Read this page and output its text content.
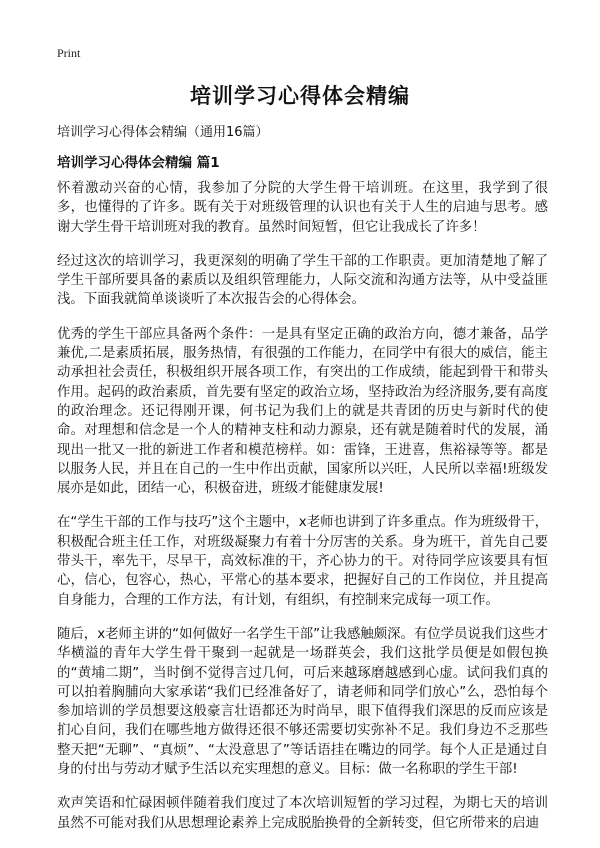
Print
培训学习心得体会精编
培训学习心得体会精编（通用16篇）
培训学习心得体会精编 篇1

怀着激动兴奋的心情，我参加了分院的大学生骨干培训班。在这里，我学到了很多，也懂得的了许多。既有关于对班级管理的认识也有关于人生的启迪与思考。感谢大学生骨干培训班对我的教育。虽然时间短暂，但它让我成长了许多！

经过这次的培训学习，我更深刻的明确了学生干部的工作职责。更加清楚地了解了学生干部所要具备的素质以及组织管理能力，人际交流和沟通方法等，从中受益匪浅。下面我就简单谈谈听了本次报告会的心得体会。

优秀的学生干部应具备两个条件：一是具有坚定正确的政治方向，德才兼备，品学兼优,二是素质拓展，服务热情，有很强的工作能力，在同学中有很大的威信，能主动承担社会责任，积极组织开展各项工作，有突出的工作成绩，能起到骨干和带头作用。起码的政治素质，首先要有坚定的政治立场，坚持政治为经济服务,要有高度的政治理念。还记得刚开课，何书记为我们上的就是共青团的历史与新时代的使命。对理想和信念是一个人的精神支柱和动力源泉，还有就是随着时代的发展，涌现出一批又一批的新进工作者和模范榜样。如：雷锋，王进喜，焦裕禄等等。都是以服务人民，并且在自己的一生中作出贡献，国家所以兴旺，人民所以幸福!班级发展亦是如此，团结一心，积极奋进，班级才能健康发展!

在“学生干部的工作与技巧”这个主题中，x老师也讲到了许多重点。作为班级骨干，积极配合班主任工作，对班级凝聚力有着十分厉害的关系。身为班干，首先自己要带头干，率先干，尽早干，高效标准的干，齐心协力的干。对待同学应该要具有恒心，信心，包容心，热心，平常心的基本要求，把握好自己的工作岗位，并且提高自身能力，合理的工作方法，有计划，有组织，有控制来完成每一项工作。

随后，x老师主讲的“如何做好一名学生干部”让我感触颇深。有位学员说我们这些才华横溢的青年大学生骨干聚到一起就是一场群英会，我们这批学员便是如假包换的“黄埔二期”，当时倒不觉得言过几何，可后来越琢磨越感到心虚。试问我们真的可以拍着胸脯向大家承诺“我们已经准备好了，请老师和同学们放心”么，恐怕每个参加培训的学员想要这般豪言壮语都还为时尚早，眼下值得我们深思的反而应该是扪心自问，我们在哪些地方做得还很不够还需要切实弥补不足。我们身边不乏那些整天把“无聊”、“真烦”、“太没意思了”等话语挂在嘴边的同学。每个人正是通过自身的付出与劳动才赋予生活以充实理想的意义。目标：做一名称职的学生干部!

欢声笑语和忙碌困顿伴随着我们度过了本次培训短暂的学习过程，为期七天的培训虽然不可能对我们从思想理论素养上完成脱胎换骨的全新转变，但它所带来的启迪
